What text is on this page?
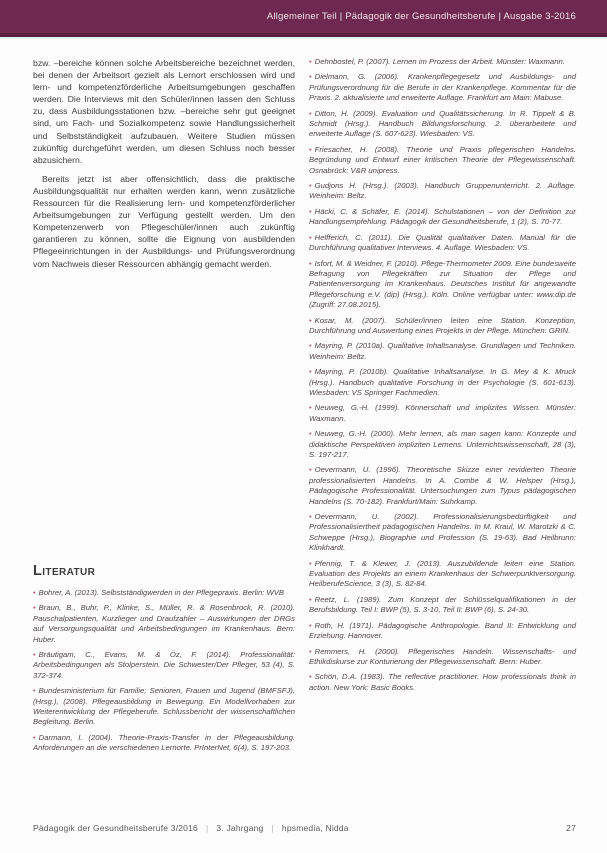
Allgemeiner Teil | Pädagogik der Gesundheitsberufe | Ausgabe 3-2016

bzw. –bereiche können solche Arbeitsbereiche bezeichnet werden, bei denen der Arbeitsort gezielt als Lernort erschlossen wird und lern- und kompetenzförderliche Arbeitsumgebungen geschaffen werden. Die Interviews mit den Schüler/innen lassen den Schluss zu, dass Ausbildungsstationen bzw. –bereiche sehr gut geeignet sind, um Fach- und Sozialkompetenz sowie Handlungssicherheit und Selbstständigkeit aufzubauen. Weitere Studien müssen zukünftig durchgeführt werden, um diesen Schluss noch besser abzusichern.

Bereits jetzt ist aber offensichtlich, dass die praktische Ausbildungsqualität nur erhalten werden kann, wenn zusätzliche Ressourcen für die Realisierung lern- und kompetenzförderlicher Arbeitsumgebungen zur Verfügung gestellt werden. Um den Kompetenzerwerb von Pflegeschüler/innen auch zukünftig garantieren zu können, sollte die Eignung von ausbildenden Pflegeeinrichtungen in der Ausbildungs- und Prüfungsverordnung vom Nachweis dieser Ressourcen abhängig gemacht werden.

Literatur

• Bohrer, A. (2013). Selbstständigwerden in der Pflegepraxis. Berlin: WVB

• Braun, B., Buhr, P., Klinke, S., Müller, R. & Rosenbrock, R. (2010). Pauschalpatienten, Kurzlieger und Draufzahler – Auswirkungen der DRGs auf Versorgungsqualität und Arbeitsbedingungen im Krankenhaus. Bern: Huber.

• Bräutigam, C., Evans, M. & Öz, F. (2014). Professionalität: Arbeitsbedingungen als Stolperstein. Die Schwester/Der Pfleger, 53 (4), S. 372-374.

• Bundesministerium für Familie, Senioren, Frauen und Jugend (BMFSFJ), (Hrsg.), (2008). Pflegeausbildung in Bewegung. Ein Modellvorhaben zur Weiterentwicklung der Pflegeberufe. Schlussbericht der wissenschaftlichen Begleitung. Berlin.

• Darmann, I. (2004). Theorie-Praxis-Transfer in der Pflegeausbildung. Anforderungen an die verschiedenen Lernorte. PrInterNet, 6(4), S. 197-203.

• Dehnbostel, P. (2007). Lernen im Prozess der Arbeit. Münster: Waxmann.

• Dielmann, G. (2006). Krankenpflegegesetz und Ausbildungs- und Prüfungsverordnung für die Berufe in der Krankenpflege. Kommentar für die Praxis. 2. aktualisierte und erweiterte Auflage. Frankfurt am Main: Mabuse.

• Ditton, H. (2009). Evaluation und Qualitätssicherung. In R. Tippelt & B. Schmidt (Hrsg.). Handbuch Bildungsforschung. 2. überarbeitete und erweiterte Auflage (S. 607-623). Wiesbaden: VS.

• Friesacher, H. (2008). Theorie und Praxis pflegerischen Handelns. Begründung und Entwurf einer kritischen Theorie der Pflegewissenschaft. Osnabrück: V&R unipress.

• Gudjons H. (Hrsg.). (2003). Handbuch Gruppenunterricht. 2. Auflage. Weinheim: Beltz.

• Häcki, C. & Schäfer, E. (2014). Schulstationen – von der Definition zur Handlungsempfehlung. Pädagogik der Gesundheitsberufe, 1 (2), S. 70-77.

• Helfferich, C. (2011). Die Qualität qualitativer Daten. Manual für die Durchführung qualitativer Interviews. 4. Auflage. Wiesbaden: VS.

• Isfort, M. & Weidner, F. (2010). Pflege-Thermometer 2009. Eine bundesweite Befragung von Pflegekräften zur Situation der Pflege und Patientenversorgung im Krankenhaus. Deutsches Institut für angewandte Pflegeforschung e.V. (dip) (Hrsg.). Köln. Online verfügbar unter: www.dip.de (Zugriff: 27.08.2015).

• Kosar, M. (2007). Schüler/innen leiten eine Station. Konzeption, Durchführung und Auswertung eines Projekts in der Pflege. München: GRIN.

• Mayring, P. (2010a). Qualitative Inhaltsanalyse. Grundlagen und Techniken. Weinheim: Beltz.

• Mayring, P. (2010b). Qualitative Inhaltsanalyse. In G. Mey & K. Mruck (Hrsg.). Handbuch qualitative Forschung in der Psychologie (S. 601-613). Wiesbaden: VS Springer Fachmedien.

• Neuweg, G.-H. (1999). Könnerschaft und implizites Wissen. Münster: Waxmann.

• Neuweg, G.-H. (2000). Mehr lernen, als man sagen kann: Konzepte und didaktische Perspektiven impliziten Lernens. Unterrichtswissenschaft, 28 (3), S. 197-217.

• Oevermann, U. (1996). Theoretische Skizze einer revidierten Theorie professionalisierten Handelns. In A. Combe & W. Helsper (Hrsg.), Pädagogische Professionalität. Untersuchungen zum Typus pädagogischen Handelns (S. 70-182). Frankfurt/Main: Suhrkamp.

• Oevermann, U. (2002). Professionalisierungsbedürftigkeit und Professionalisiertheit pädagogischen Handelns. In M. Kraul, W. Marotzki & C. Schweppe (Hrsg.), Biographie und Profession (S. 19-63). Bad Heilbrunn: Klinkhardt.

• Pfennig, T. & Klewer, J. (2013). Auszubildende leiten eine Station. Evaluation des Projekts an einem Krankenhaus der Schwerpunktversorgung. HeilberufeScience, 3 (3), S. 82-84.

• Reetz, L. (1989). Zum Konzept der Schlüsselqualifikationen in der Berufsbildung. Teil I: BWP (5), S. 3-10, Teil II: BWP (6), S. 24-30.

• Roth, H. (1971). Pädagogische Anthropologie. Band II: Entwicklung und Erziehung. Hannover.

• Remmers, H. (2000). Pflegerisches Handeln. Wissenschafts- und Ethikdiskurse zur Konturierung der Pflegewissenschaft. Bern: Huber.

• Schön, D.A. (1983). The reflective practitioner. How professionals think in action. New York: Basic Books.

Pädagogik der Gesundheitsberufe 3/2016 | 3. Jahrgang | hpsmedia, Nidda	27
